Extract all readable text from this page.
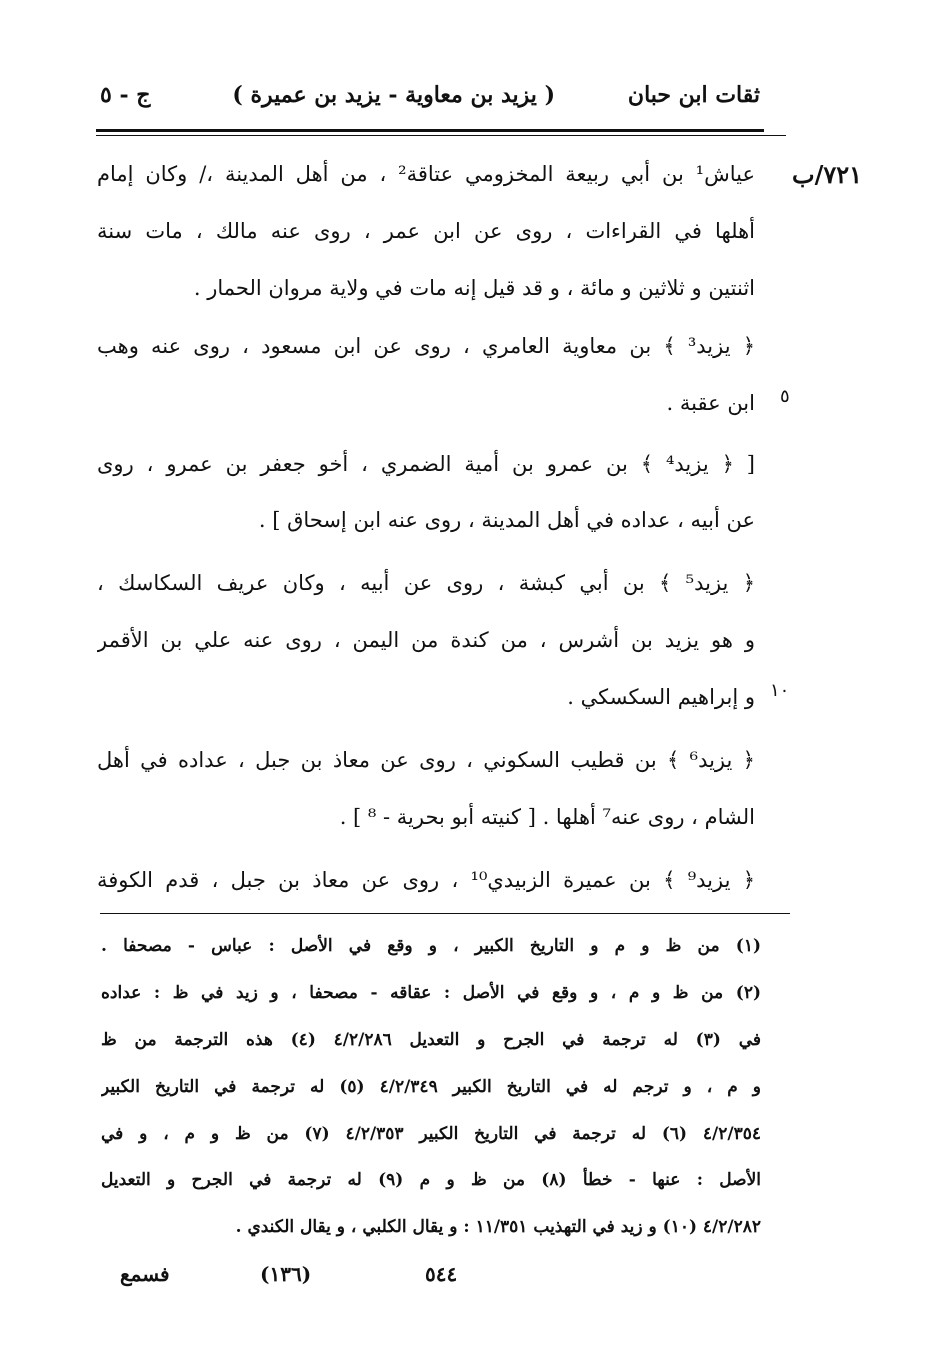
ثقات ابن حبان
( يزيد بن معاوية - يزيد بن عميرة )
ج - ٥
٧٢١/ب
٥
١٠
عياش¹ بن أبي ربيعة المخزومي عتاقة² ، من أهل المدينة ،/ وكان إمام
أهلها في القراءات ، روى عن ابن عمر ، روى عنه مالك ، مات سنة
اثنتين و ثلاثين و مائة ، و قد قيل إنه مات في ولاية مروان الحمار .
﴿ يزيد³ ﴾ بن معاوية العامري ، روى عن ابن مسعود ، روى عنه وهب
ابن عقبة .
[ ﴿ يزيد⁴ ﴾ بن عمرو بن أمية الضمري ، أخو جعفر بن عمرو ، روى
عن أبيه ، عداده في أهل المدينة ، روى عنه ابن إسحاق ] .
﴿ يزيد⁵ ﴾ بن أبي كبشة ، روى عن أبيه ، وكان عريف السكاسك ،
و هو يزيد بن أشرس ، من كندة من اليمن ، روى عنه علي بن الأقمر
و إبراهيم السكسكي .
﴿ يزيد⁶ ﴾ بن قطيب السكوني ، روى عن معاذ بن جبل ، عداده في أهل
الشام ، روى عنه⁷ أهلها . [ كنيته أبو بحرية - ⁸ ] .
﴿ يزيد⁹ ﴾ بن عميرة الزبيدي¹⁰ ، روى عن معاذ بن جبل ، قدم الكوفة
(١) من ظ و م و التاريخ الكبير ، و وقع في الأصل : عباس - مصحفا .
(٢) من ظ و م ، و وقع في الأصل : عقاقه - مصحفا ، و زيد في ظ : عداده
في (٣) له ترجمة في الجرح و التعديل ٤/٢/٢٨٦ (٤) هذه الترجمة من ظ
و م ، و ترجم له في التاريخ الكبير ٤/٢/٣٤٩ (٥) له ترجمة في التاريخ الكبير
٤/٢/٣٥٤ (٦) له ترجمة في التاريخ الكبير ٤/٢/٣٥٣ (٧) من ظ و م ، و في
الأصل : عنها - خطأ (٨) من ظ و م (٩) له ترجمة في الجرح و التعديل
٤/٢/٢٨٢ (١٠) و زيد في التهذيب ١١/٣٥١ : و يقال الكلبي ، و يقال الكندي .
٥٤٤
(١٣٦)
فسمع
